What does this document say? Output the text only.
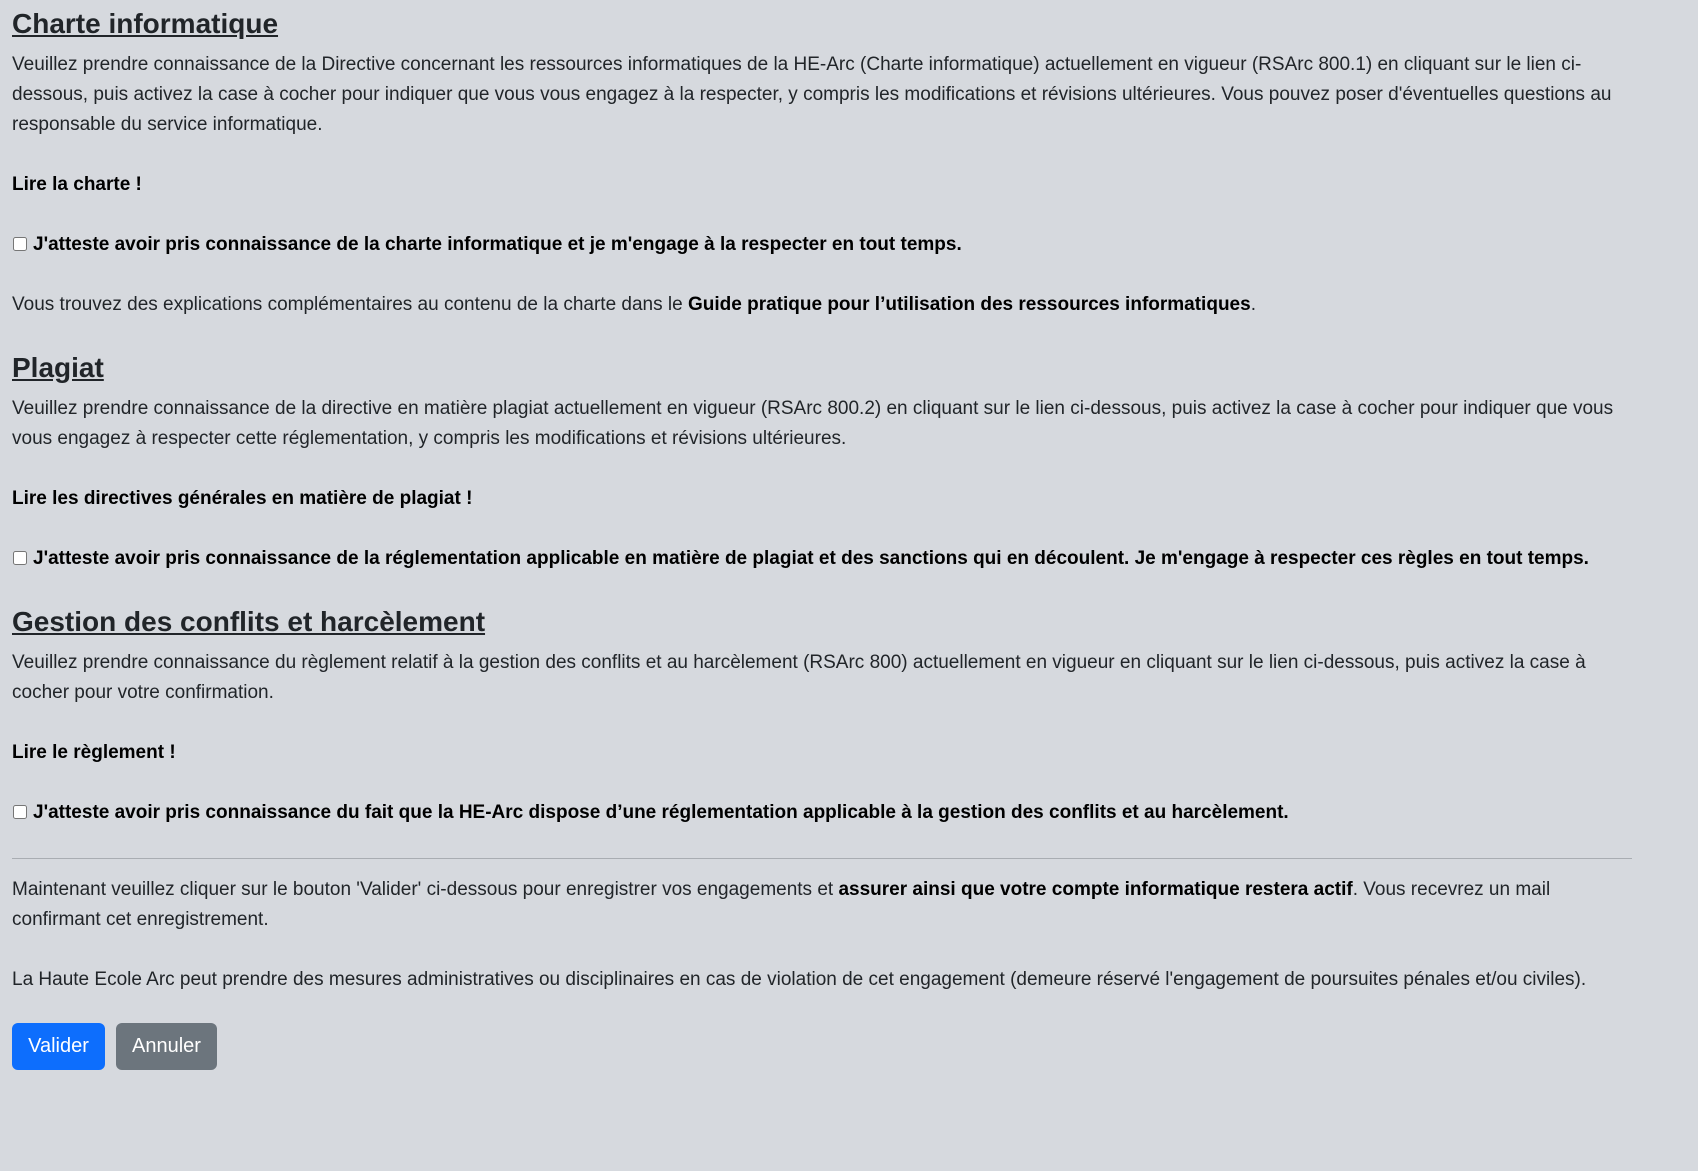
Charte informatique

Veuillez prendre connaissance de la Directive concernant les ressources informatiques de la HE-Arc (Charte informatique) actuellement en vigueur (RSArc 800.1) en cliquant sur le lien ci-dessous, puis activez la case à cocher pour indiquer que vous vous engagez à la respecter, y compris les modifications et révisions ultérieures. Vous pouvez poser d'éventuelles questions au responsable du service informatique.

Lire la charte !

J'atteste avoir pris connaissance de la charte informatique et je m'engage à la respecter en tout temps.

Vous trouvez des explications complémentaires au contenu de la charte dans le Guide pratique pour l’utilisation des ressources informatiques.

Plagiat

Veuillez prendre connaissance de la directive en matière plagiat actuellement en vigueur (RSArc 800.2) en cliquant sur le lien ci-dessous, puis activez la case à cocher pour indiquer que vous vous engagez à respecter cette réglementation, y compris les modifications et révisions ultérieures.

Lire les directives générales en matière de plagiat !

J'atteste avoir pris connaissance de la réglementation applicable en matière de plagiat et des sanctions qui en découlent. Je m'engage à respecter ces règles en tout temps.
Gestion des conflits et harcèlement

Veuillez prendre connaissance du règlement relatif à la gestion des conflits et au harcèlement (RSArc 800) actuellement en vigueur en cliquant sur le lien ci-dessous, puis activez la case à cocher pour votre confirmation.

Lire le règlement !

J'atteste avoir pris connaissance du fait que la HE-Arc dispose d’une réglementation applicable à la gestion des conflits et au harcèlement.

Maintenant veuillez cliquer sur le bouton 'Valider' ci-dessous pour enregistrer vos engagements et assurer ainsi que votre compte informatique restera actif. Vous recevrez un mail confirmant cet enregistrement.

La Haute Ecole Arc peut prendre des mesures administratives ou disciplinaires en cas de violation de cet engagement (demeure réservé l'engagement de poursuites pénales et/ou civiles).

Valider	Annuler
